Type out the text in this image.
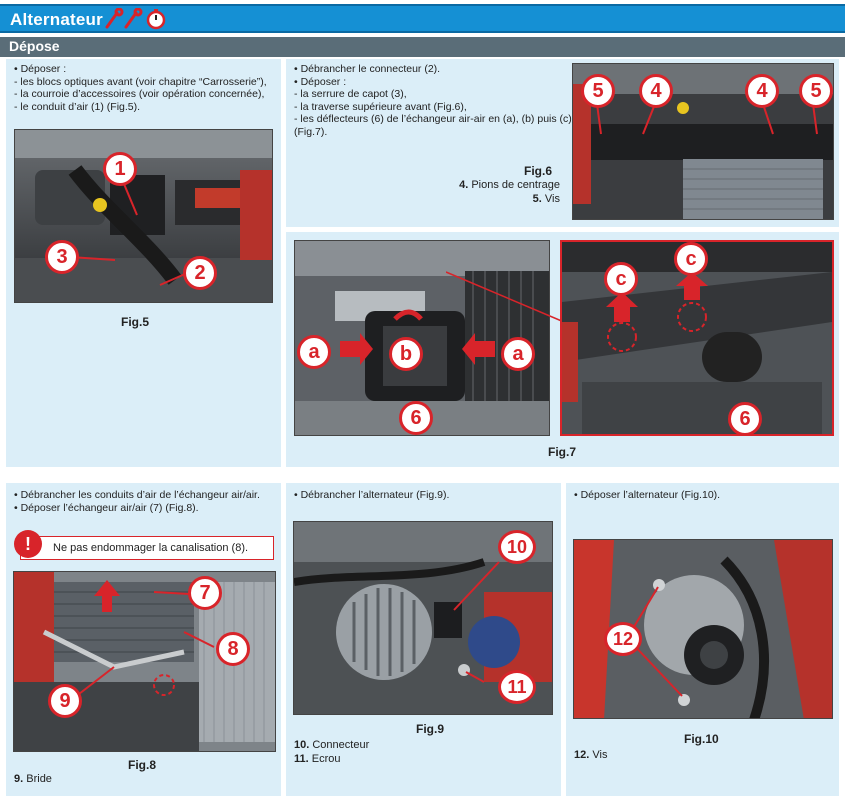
Alternateur
Dépose
• Déposer :
- les blocs optiques avant (voir chapitre “Carrosserie”),
- la courroie d’accessoires (voir opération concernée),
- le conduit d’air (1) (Fig.5).
1
2
3
Fig.5
• Débrancher le connecteur (2).
• Déposer :
- la serrure de capot (3),
- la traverse supérieure avant (Fig.6),
- les déflecteurs (6) de l’échangeur air-air en (a), (b) puis (c)
(Fig.7).
Fig.6
4. Pions de centrage
5. Vis
5	4	4	5
a	b	a
6
c
c
6
Fig.7
• Débrancher les conduits d’air de l’échangeur air/air.
• Déposer l’échangeur air/air (7) (Fig.8).
Ne pas endommager la canalisation (8).
!
7
8
9
Fig.8
9. Bride
• Débrancher l’alternateur (Fig.9).
10
11
Fig.9
10. Connecteur
11. Ecrou
• Déposer l’alternateur (Fig.10).
12
Fig.10
12. Vis
